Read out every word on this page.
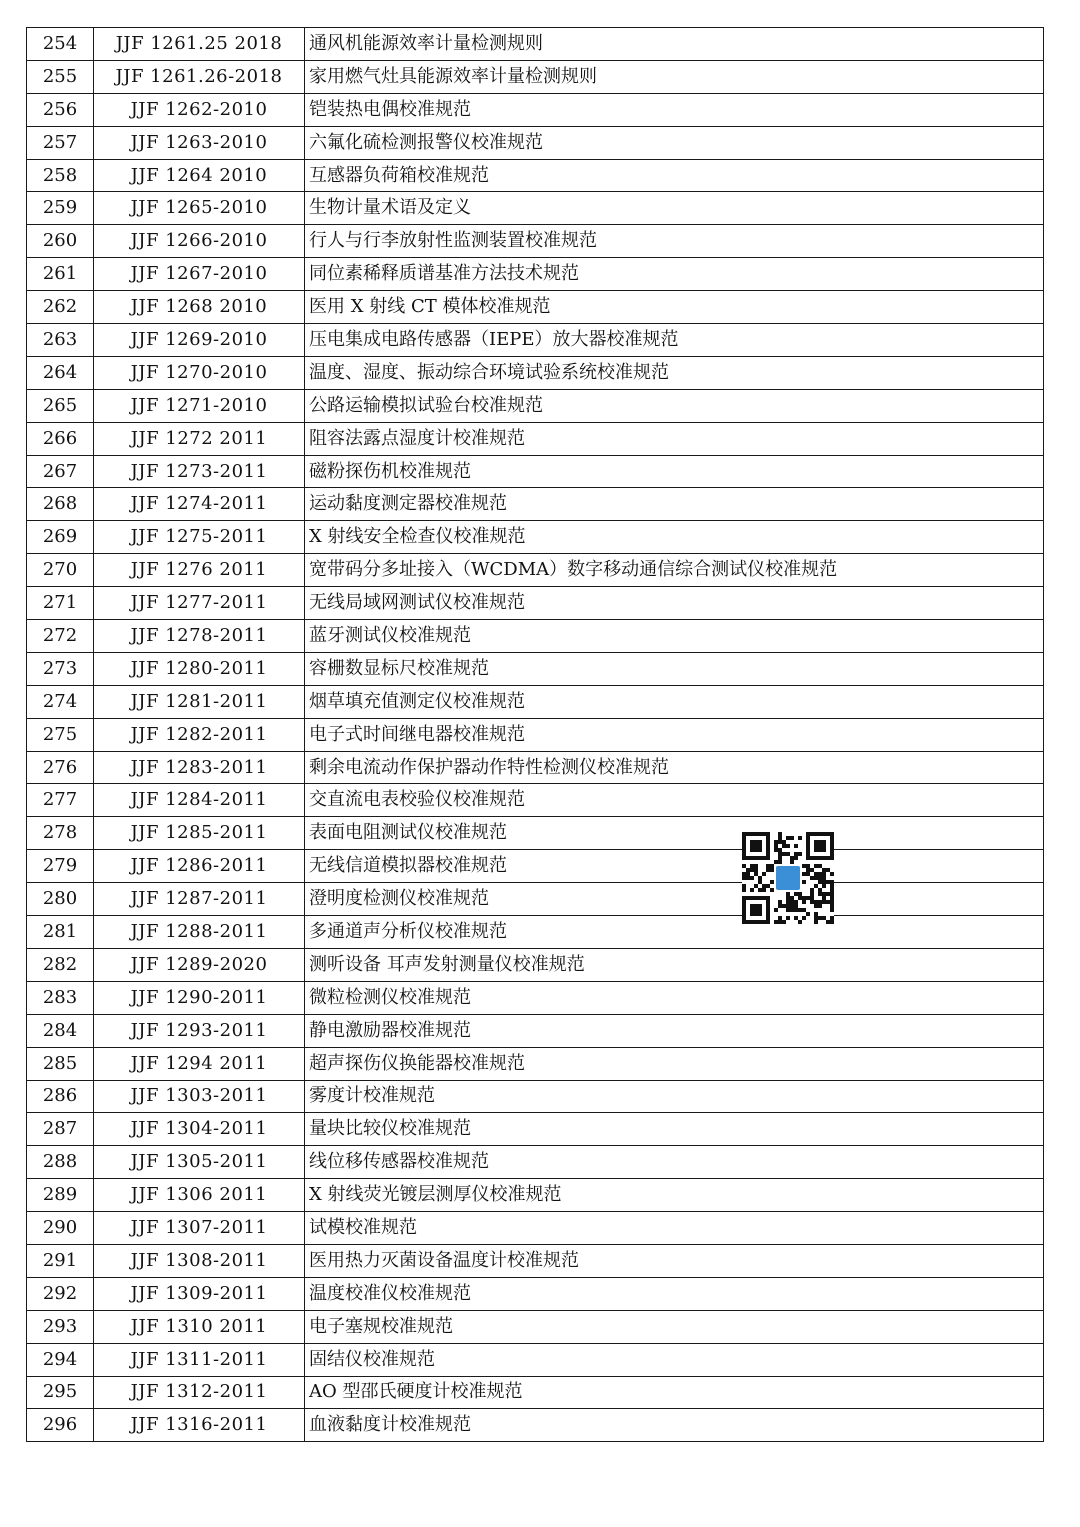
254	JJF 1261.25 2018	通风机能源效率计量检测规则
255	JJF 1261.26-2018	家用燃气灶具能源效率计量检测规则
256	JJF 1262-2010	铠装热电偶校准规范
257	JJF 1263-2010	六氟化硫检测报警仪校准规范
258	JJF 1264 2010	互感器负荷箱校准规范
259	JJF 1265-2010	生物计量术语及定义
260	JJF 1266-2010	行人与行李放射性监测装置校准规范
261	JJF 1267-2010	同位素稀释质谱基准方法技术规范
262	JJF 1268 2010	医用 X 射线 CT 模体校准规范
263	JJF 1269-2010	压电集成电路传感器（IEPE）放大器校准规范
264	JJF 1270-2010	温度、湿度、振动综合环境试验系统校准规范
265	JJF 1271-2010	公路运输模拟试验台校准规范
266	JJF 1272 2011	阻容法露点湿度计校准规范
267	JJF 1273-2011	磁粉探伤机校准规范
268	JJF 1274-2011	运动黏度测定器校准规范
269	JJF 1275-2011	X 射线安全检查仪校准规范
270	JJF 1276 2011	宽带码分多址接入（WCDMA）数字移动通信综合测试仪校准规范
271	JJF 1277-2011	无线局域网测试仪校准规范
272	JJF 1278-2011	蓝牙测试仪校准规范
273	JJF 1280-2011	容栅数显标尺校准规范
274	JJF 1281-2011	烟草填充值测定仪校准规范
275	JJF 1282-2011	电子式时间继电器校准规范
276	JJF 1283-2011	剩余电流动作保护器动作特性检测仪校准规范
277	JJF 1284-2011	交直流电表校验仪校准规范
278	JJF 1285-2011	表面电阻测试仪校准规范
279	JJF 1286-2011	无线信道模拟器校准规范
280	JJF 1287-2011	澄明度检测仪校准规范
281	JJF 1288-2011	多通道声分析仪校准规范
282	JJF 1289-2020	测听设备 耳声发射测量仪校准规范
283	JJF 1290-2011	微粒检测仪校准规范
284	JJF 1293-2011	静电激励器校准规范
285	JJF 1294 2011	超声探伤仪换能器校准规范
286	JJF 1303-2011	雾度计校准规范
287	JJF 1304-2011	量块比较仪校准规范
288	JJF 1305-2011	线位移传感器校准规范
289	JJF 1306 2011	X 射线荧光镀层测厚仪校准规范
290	JJF 1307-2011	试模校准规范
291	JJF 1308-2011	医用热力灭菌设备温度计校准规范
292	JJF 1309-2011	温度校准仪校准规范
293	JJF 1310 2011	电子塞规校准规范
294	JJF 1311-2011	固结仪校准规范
295	JJF 1312-2011	AO 型邵氏硬度计校准规范
296	JJF 1316-2011	血液黏度计校准规范
